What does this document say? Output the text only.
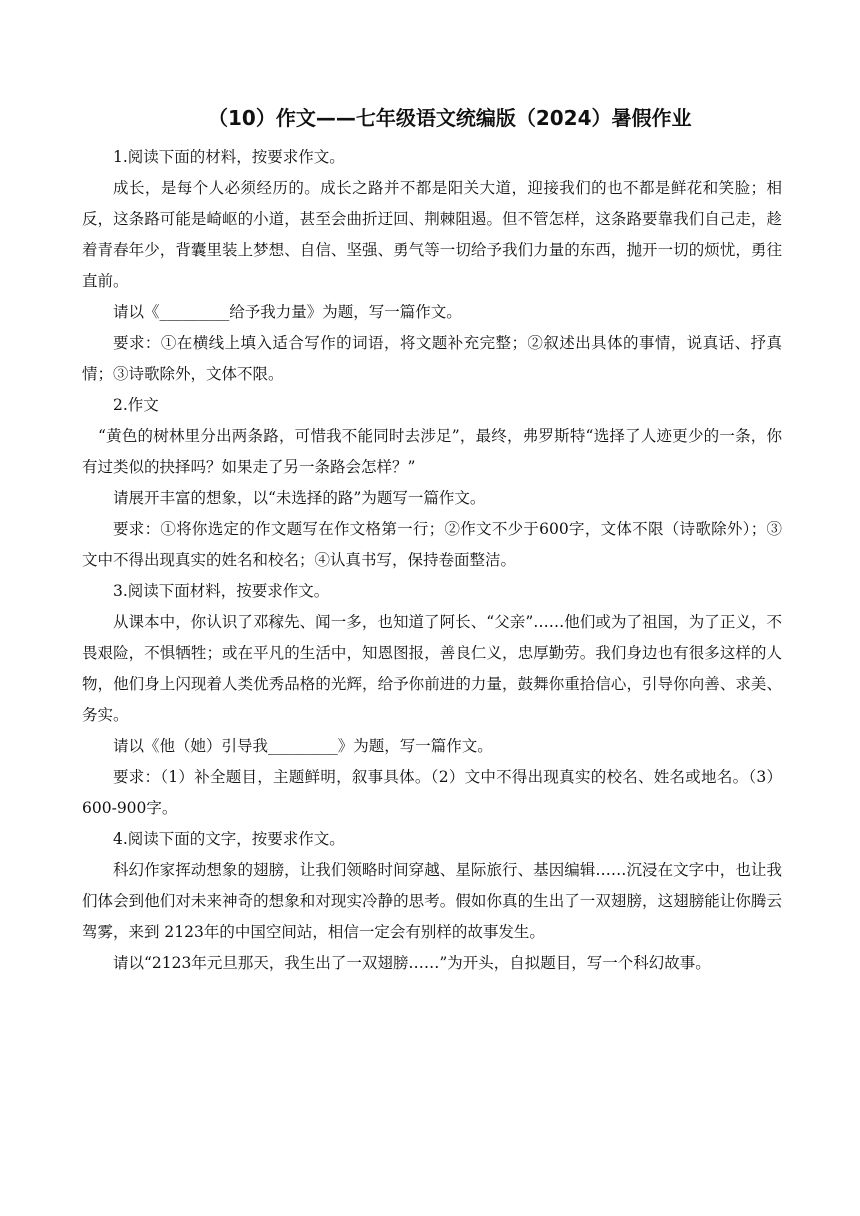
（10）作文——七年级语文统编版（2024）暑假作业

1.阅读下面的材料，按要求作文。

成长，是每个人必须经历的。成长之路并不都是阳关大道，迎接我们的也不都是鲜花和笑脸；相反，这条路可能是崎岖的小道，甚至会曲折迂回、荆棘阻遏。但不管怎样，这条路要靠我们自己走，趁着青春年少，背囊里装上梦想、自信、坚强、勇气等一切给予我们力量的东西，抛开一切的烦忧，勇往直前。

请以《_________给予我力量》为题，写一篇作文。

要求：①在横线上填入适合写作的词语，将文题补充完整；②叙述出具体的事情，说真话、抒真情；③诗歌除外，文体不限。

2.作文

“黄色的树林里分出两条路，可惜我不能同时去涉足”，最终，弗罗斯特“选择了人迹更少的一条，你有过类似的抉择吗？如果走了另一条路会怎样？”

请展开丰富的想象，以“未选择的路”为题写一篇作文。

要求：①将你选定的作文题写在作文格第一行；②作文不少于600字，文体不限（诗歌除外）；③文中不得出现真实的姓名和校名；④认真书写，保持卷面整洁。

3.阅读下面材料，按要求作文。

从课本中，你认识了邓稼先、闻一多，也知道了阿长、“父亲”……他们或为了祖国，为了正义，不畏艰险，不惧牺牲；或在平凡的生活中，知恩图报，善良仁义，忠厚勤劳。我们身边也有很多这样的人物，他们身上闪现着人类优秀品格的光辉，给予你前进的力量，鼓舞你重拾信心，引导你向善、求美、务实。

请以《他（她）引导我_________》为题，写一篇作文。

要求：（1）补全题目，主题鲜明，叙事具体。（2）文中不得出现真实的校名、姓名或地名。（3）600-900字。

4.阅读下面的文字，按要求作文。

科幻作家挥动想象的翅膀，让我们领略时间穿越、星际旅行、基因编辑……沉浸在文字中，也让我们体会到他们对未来神奇的想象和对现实冷静的思考。假如你真的生出了一双翅膀，这翅膀能让你腾云驾雾，来到 2123年的中国空间站，相信一定会有别样的故事发生。

请以“2123年元旦那天，我生出了一双翅膀……”为开头，自拟题目，写一个科幻故事。
